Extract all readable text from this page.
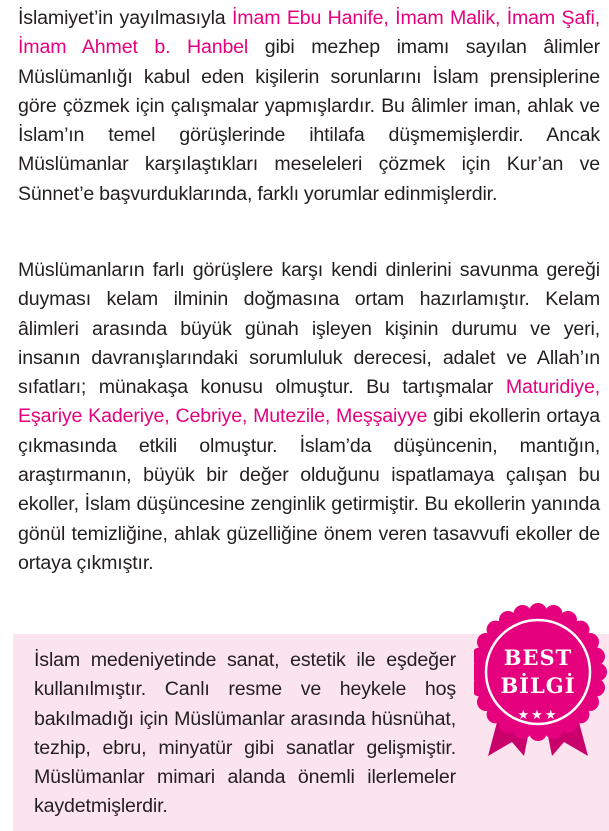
İslamiyet’in yayılmasıyla İmam Ebu Hanife, İmam Malik, İmam Şafi, İmam Ahmet b. Hanbel gibi mezhep imamı sayılan âlimler Müslümanlığı kabul eden kişilerin sorunlarını İslam prensiplerine göre çözmek için çalışmalar yapmışlardır. Bu âlimler iman, ahlak ve İslam’ın temel görüşlerinde ihtilafa düşmemişlerdir. Ancak Müslümanlar karşılaştıkları meseleleri çözmek için Kur’an ve Sünnet’e başvurduklarında, farklı yorumlar edinmişlerdir.

Müslümanların farlı görüşlere karşı kendi dinlerini savunma gereği duyması kelam ilminin doğmasına ortam hazırlamıştır. Kelam âlimleri arasında büyük günah işleyen kişinin durumu ve yeri, insanın davranışlarındaki sorumluluk derecesi, adalet ve Allah’ın sıfatları; münakaşa konusu olmuştur. Bu tartışmalar Maturidiye, Eşariye Kaderiye, Cebriye, Mutezile, Meşşaiyye gibi ekollerin ortaya çıkmasında etkili olmuştur. İslam’da düşüncenin, mantığın, araştırmanın, büyük bir değer olduğunu ispatlamaya çalışan bu ekoller, İslam düşüncesine zenginlik getirmiştir. Bu ekollerin yanında gönül temizliğine, ahlak güzelliğine önem veren tasavvufi ekoller de ortaya çıkmıştır.

İslam medeniyetinde sanat, estetik ile eşdeğer kullanılmıştır. Canlı resme ve heykele hoş bakılmadığı için Müslümanlar arasında hüsnühat, tezhip, ebru, minyatür gibi sanatlar gelişmiştir. Müslümanlar mimari alanda önemli ilerlemeler kaydetmişlerdir.

BEST
BİLGİ
★★★
